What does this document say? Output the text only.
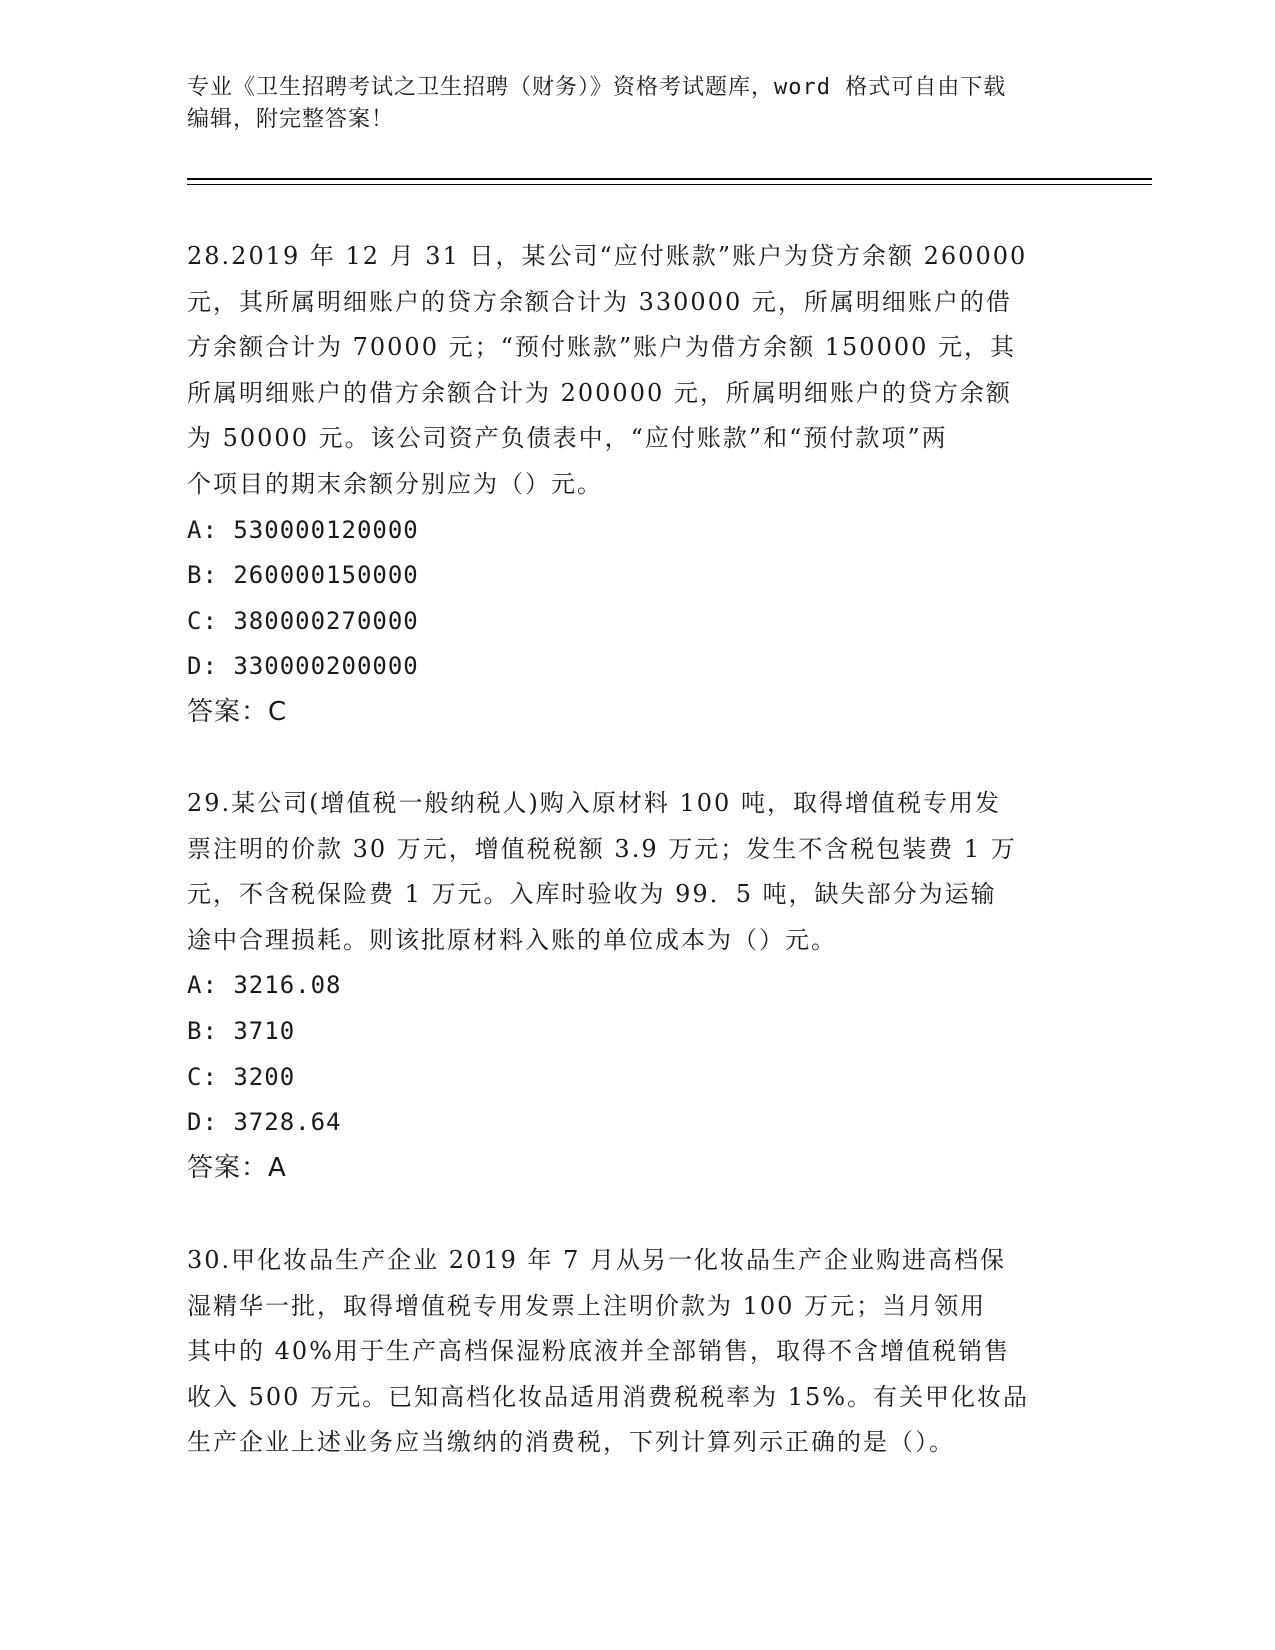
专业《卫生招聘考试之卫生招聘（财务）》资格考试题库，word 格式可自由下载
编辑，附完整答案！
28.2019 年 12 月 31 日，某公司“应付账款”账户为贷方余额 260000
元，其所属明细账户的贷方余额合计为 330000 元，所属明细账户的借
方余额合计为 70000 元；“预付账款”账户为借方余额 150000 元，其
所属明细账户的借方余额合计为 200000 元，所属明细账户的贷方余额
为 50000 元。该公司资产负债表中，“应付账款”和“预付款项”两
个项目的期末余额分别应为（）元。
A: 530000120000
B: 260000150000
C: 380000270000
D: 330000200000
答案：C
29.某公司(增值税一般纳税人)购入原材料 100 吨，取得增值税专用发
票注明的价款 30 万元，增值税税额 3.9 万元；发生不含税包装费 1 万
元，不含税保险费 1 万元。入库时验收为 99．5 吨，缺失部分为运输
途中合理损耗。则该批原材料入账的单位成本为（）元。
A: 3216.08
B: 3710
C: 3200
D: 3728.64
答案：A
30.甲化妆品生产企业 2019 年 7 月从另一化妆品生产企业购进高档保
湿精华一批，取得增值税专用发票上注明价款为 100 万元；当月领用
其中的 40%用于生产高档保湿粉底液并全部销售，取得不含增值税销售
收入 500 万元。已知高档化妆品适用消费税税率为 15%。有关甲化妆品
生产企业上述业务应当缴纳的消费税，下列计算列示正确的是（）。
